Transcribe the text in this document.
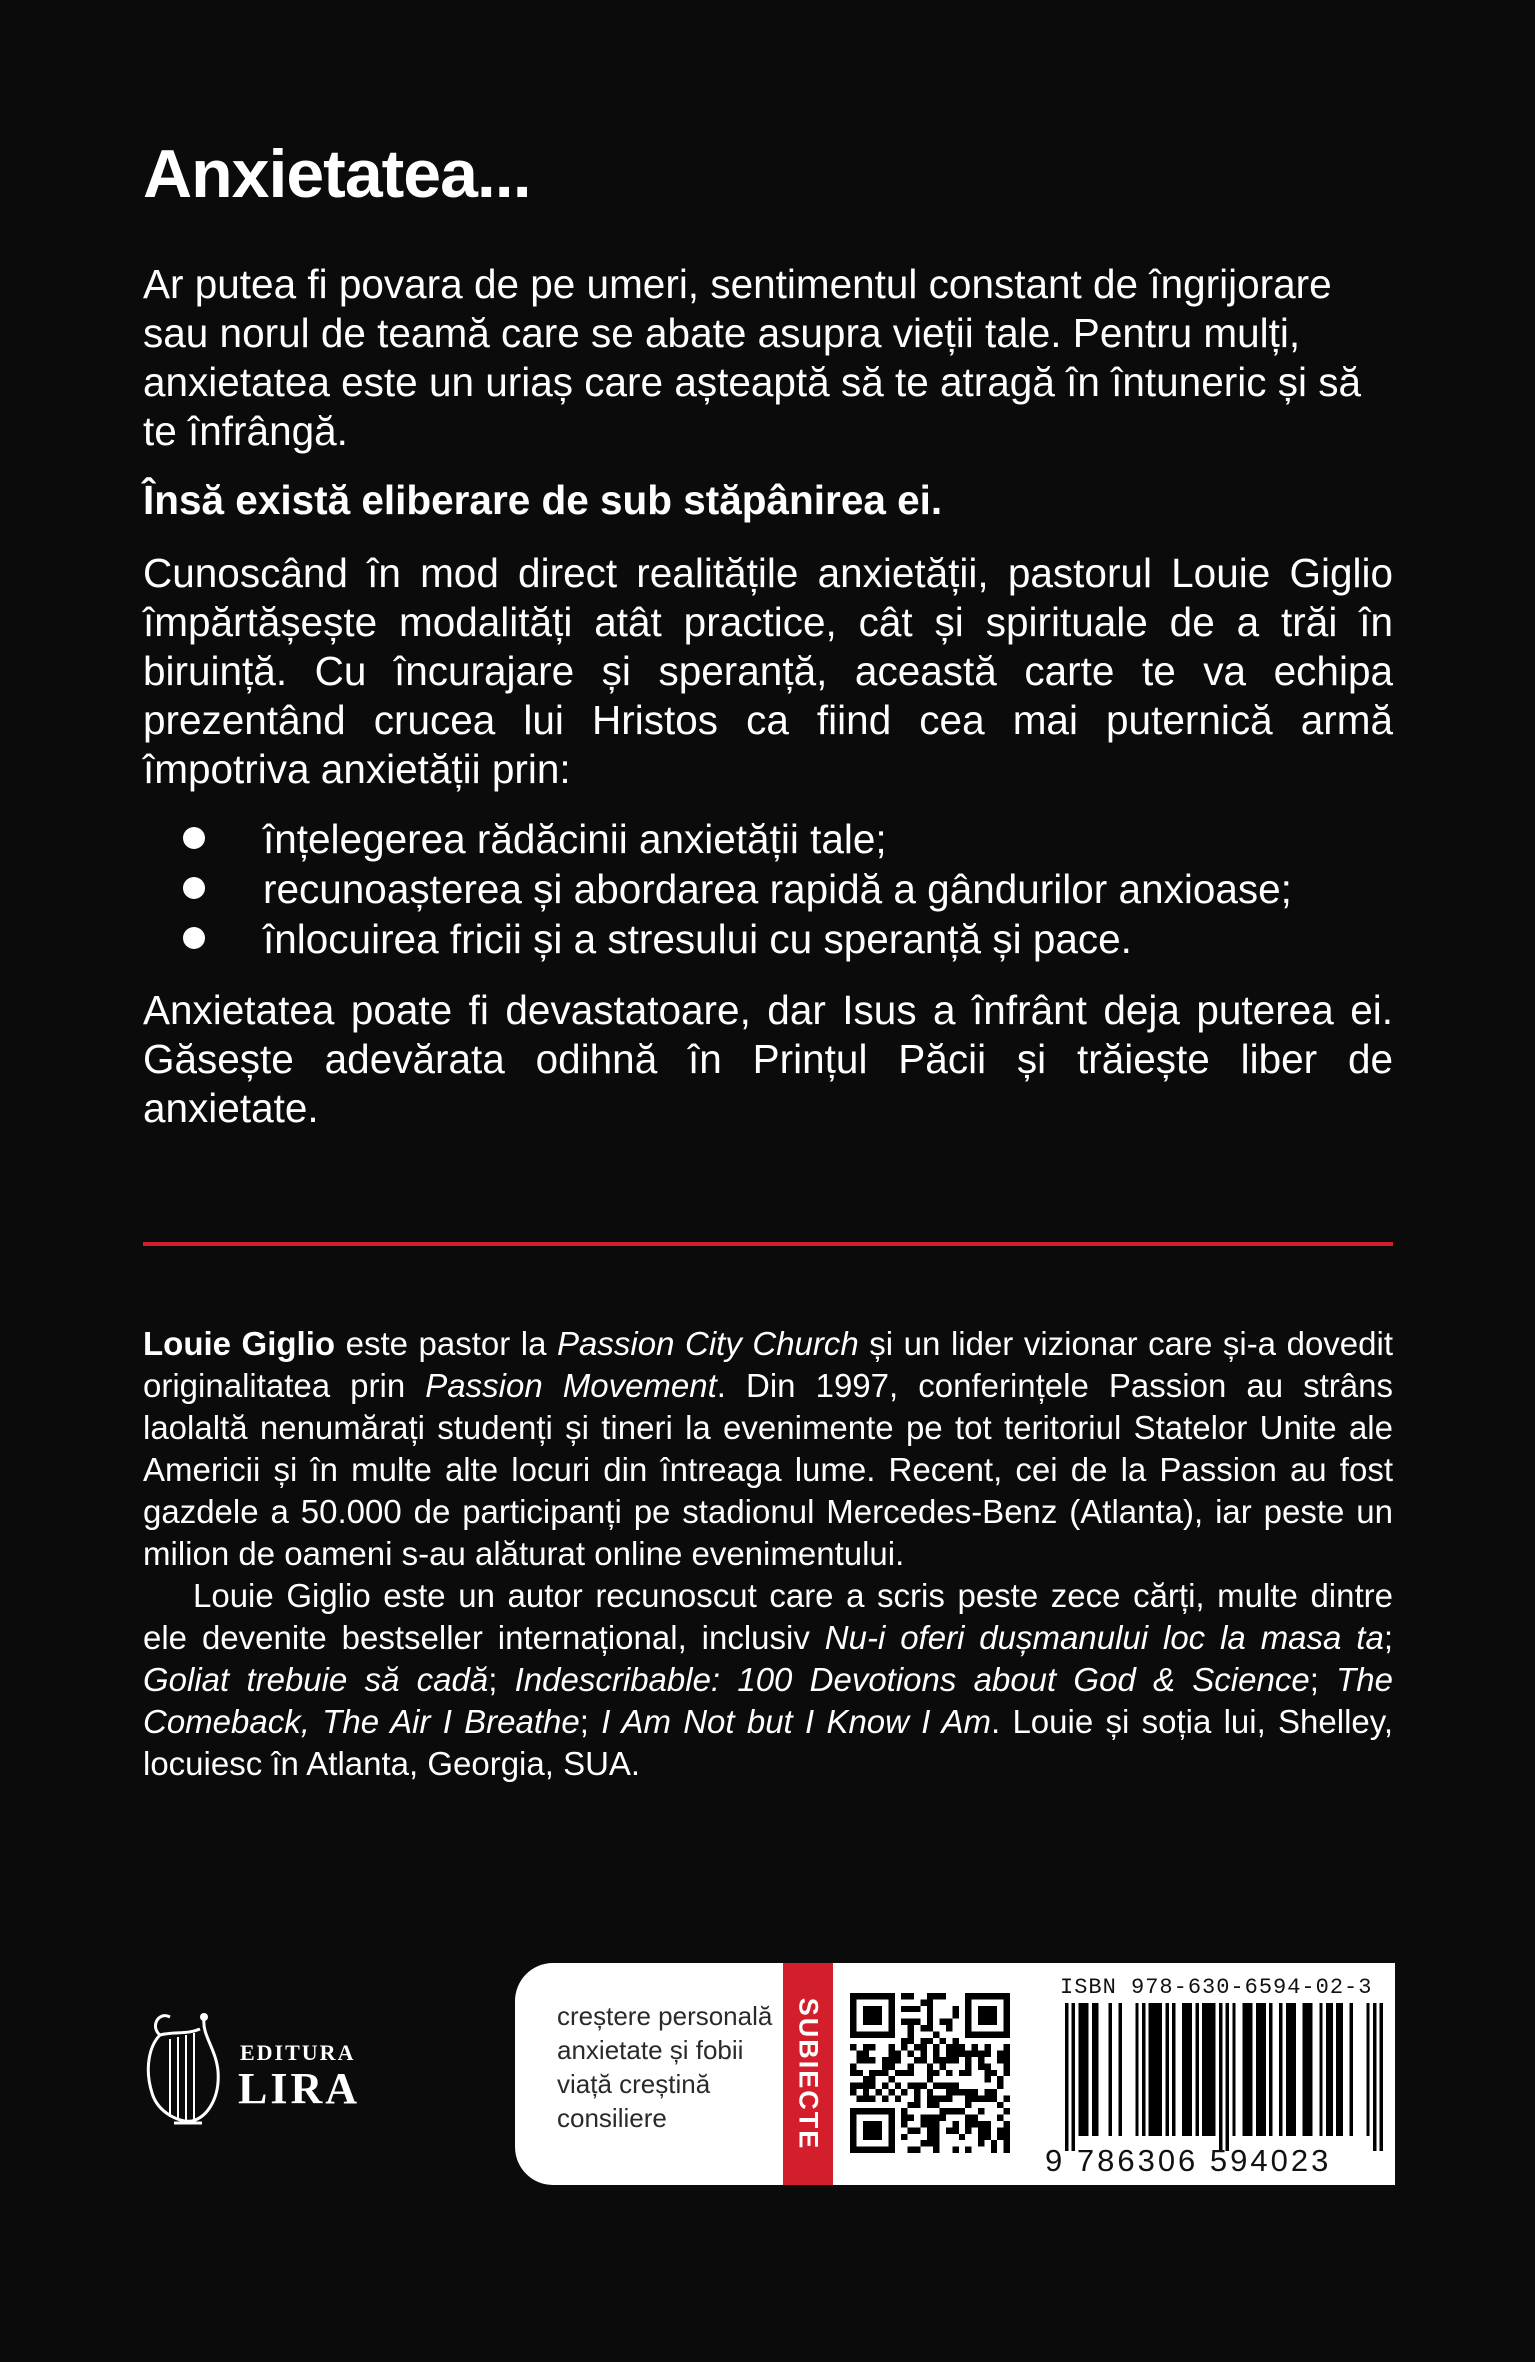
Anxietatea...

Ar putea fi povara de pe umeri, sentimentul constant de îngrijorare sau norul de teamă care se abate asupra vieții tale. Pentru mulți, anxietatea este un uriaș care așteaptă să te atragă în întuneric și să te înfrângă.

Însă există eliberare de sub stăpânirea ei.

Cunoscând în mod direct realitățile anxietății, pastorul Louie Giglio împărtășește modalități atât practice, cât și spirituale de a trăi în biruință. Cu încurajare și speranță, această carte te va echipa prezentând crucea lui Hristos ca fiind cea mai puternică armă împotriva anxietății prin:

înțelegerea rădăcinii anxietății tale;
recunoașterea și abordarea rapidă a gândurilor anxioase;
înlocuirea fricii și a stresului cu speranță și pace.

Anxietatea poate fi devastatoare, dar Isus a înfrânt deja puterea ei. Găsește adevărata odihnă în Prințul Păcii și trăiește liber de anxietate.

Louie Giglio este pastor la Passion City Church și un lider vizionar care și-a dovedit originalitatea prin Passion Movement. Din 1997, conferințele Passion au strâns laolaltă nenumărați studenți și tineri la evenimente pe tot teritoriul Statelor Unite ale Americii și în multe alte locuri din întreaga lume. Recent, cei de la Passion au fost gazdele a 50.000 de participanți pe stadionul Mercedes-Benz (Atlanta), iar peste un milion de oameni s-au alăturat online evenimentului.

Louie Giglio este un autor recunoscut care a scris peste zece cărți, multe dintre ele devenite bestseller internațional, inclusiv Nu-i oferi dușmanului loc la masa ta; Goliat trebuie să cadă; Indescribable: 100 Devotions about God & Science; The Comeback, The Air I Breathe; I Am Not but I Know I Am. Louie și soția lui, Shelley, locuiesc în Atlanta, Georgia, SUA.

EDITURA
LIRA
creștere personală
anxietate și fobii
viață creștină
consiliere	SUBIECTE
ISBN 978-630-6594-02-3
9 786306 594023
